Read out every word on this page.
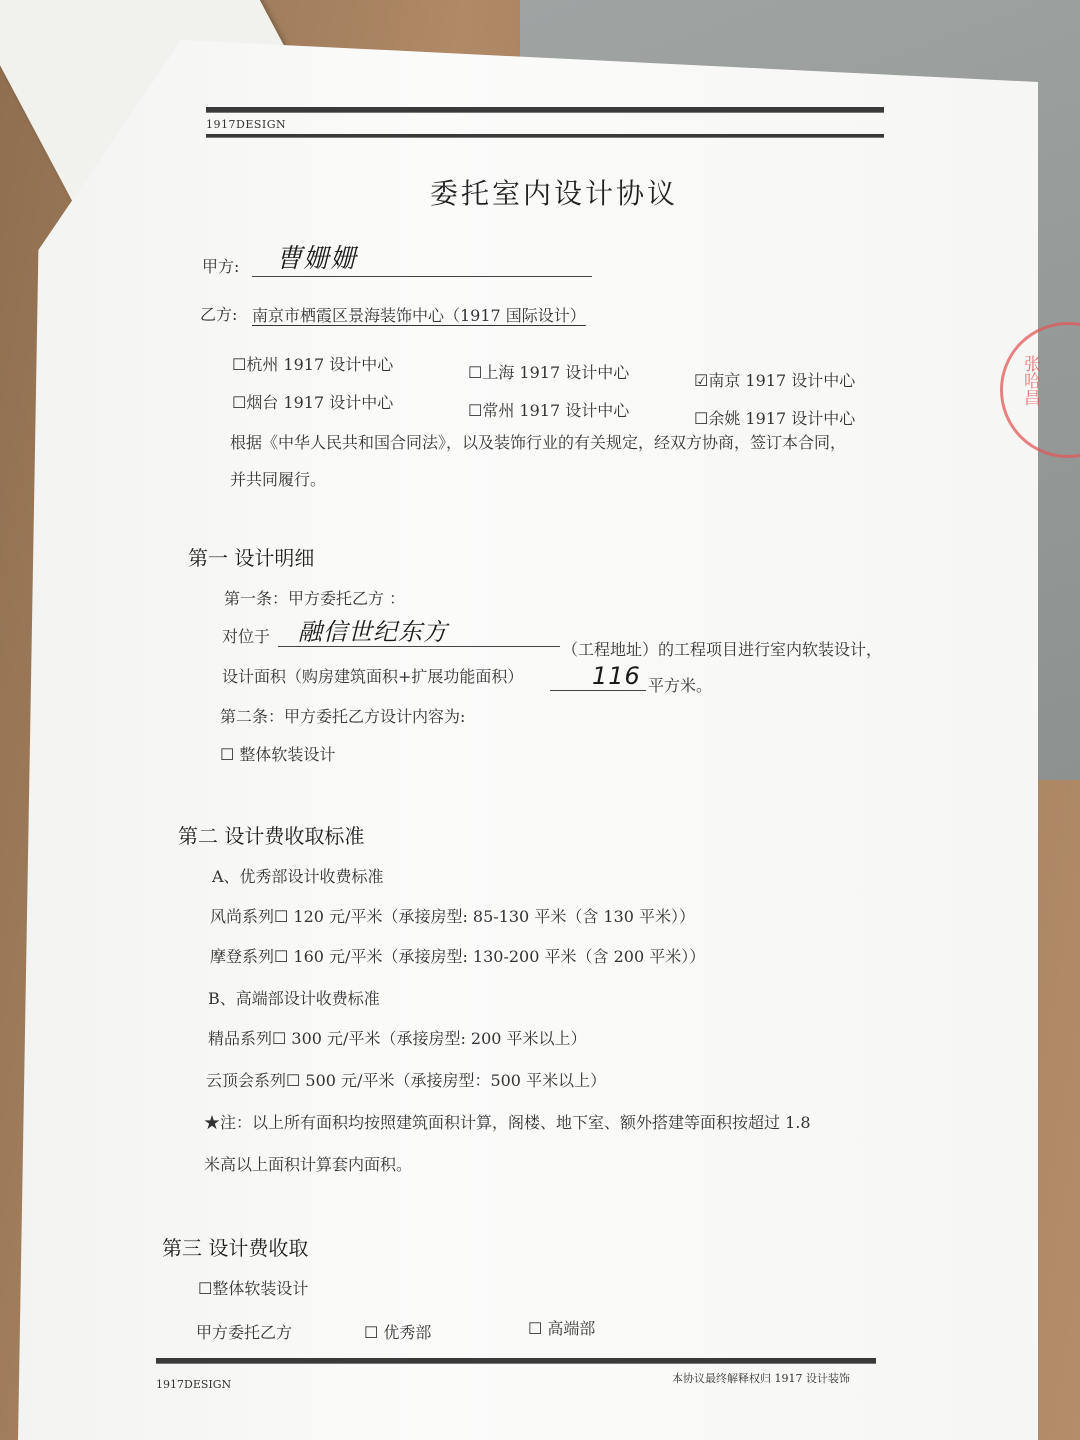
1917DESIGN
委托室内设计协议
甲方: 曹姗姗
乙方: 南京市栖霞区景海装饰中心（1917 国际设计）
☐杭州 1917 设计中心	☐上海 1917 设计中心	☑南京 1917 设计中心
☐烟台 1917 设计中心	☐常州 1917 设计中心	☐余姚 1917 设计中心
根据《中华人民共和国合同法》，以及装饰行业的有关规定，经双方协商，签订本合同，
并共同履行。
第一 设计明细
第一条：甲方委托乙方 ：
对位于 融信世纪东方
（工程地址）的工程项目进行室内软装设计，
设计面积（购房建筑面积+扩展功能面积）	116 平方米。
第二条：甲方委托乙方设计内容为:
☐ 整体软装设计
第二 设计费收取标准
A、优秀部设计收费标准
风尚系列☐ 120 元/平米（承接房型: 85-130 平米（含 130 平米））
摩登系列☐ 160 元/平米（承接房型: 130-200 平米（含 200 平米））
B、高端部设计收费标准
精品系列☐ 300 元/平米（承接房型: 200 平米以上）
云顶会系列☐ 500 元/平米（承接房型：500 平米以上）
★注：以上所有面积均按照建筑面积计算，阁楼、地下室、额外搭建等面积按超过 1.8
米高以上面积计算套内面积。
第三 设计费收取
☐整体软装设计
甲方委托乙方	☐ 优秀部	☐ 高端部
1917DESIGN	本协议最终解释权归 1917 设计装饰
张哈昌
